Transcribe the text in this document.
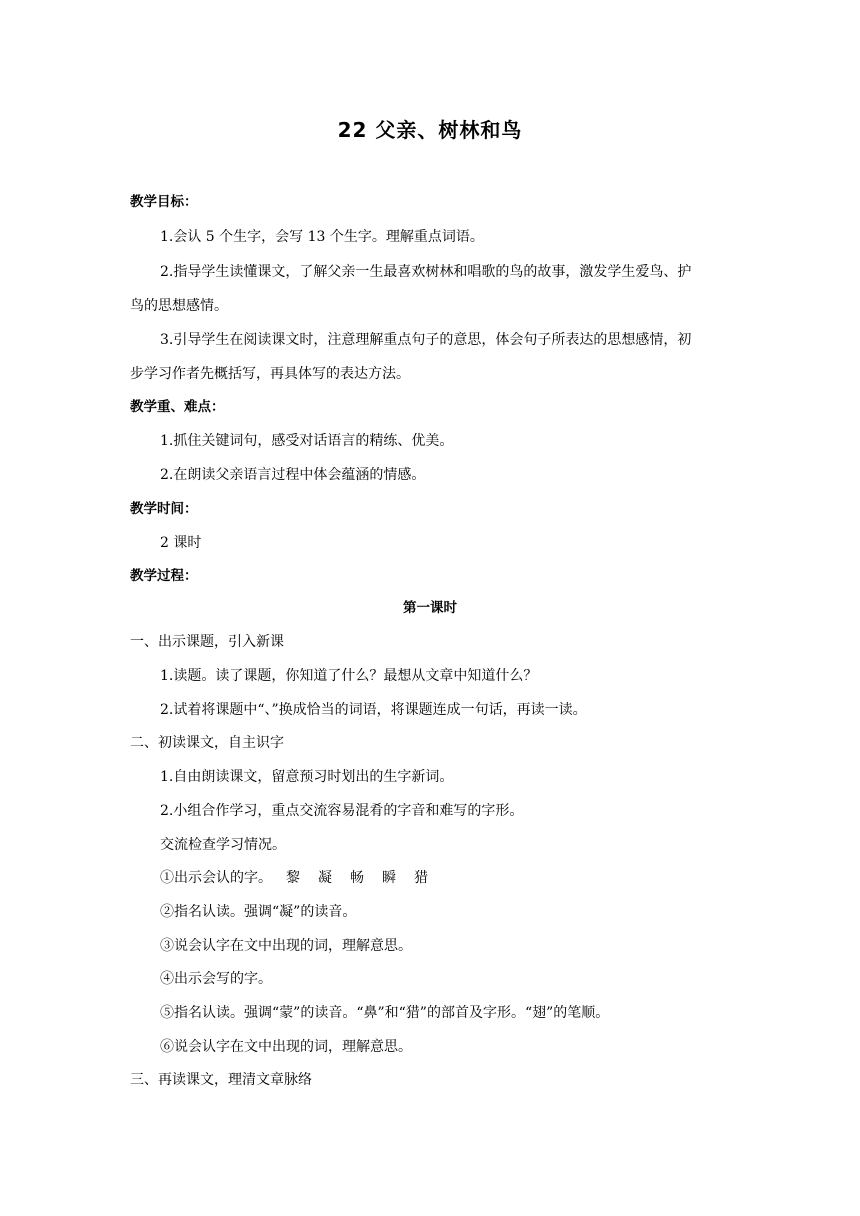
22 父亲、树林和鸟
教学目标：
1.会认 5 个生字，会写 13 个生字。理解重点词语。
2.指导学生读懂课文，了解父亲一生最喜欢树林和唱歌的鸟的故事，激发学生爱鸟、护
鸟的思想感情。
3.引导学生在阅读课文时，注意理解重点句子的意思，体会句子所表达的思想感情，初
步学习作者先概括写，再具体写的表达方法。
教学重、难点：
1.抓住关键词句，感受对话语言的精练、优美。
2.在朗读父亲语言过程中体会蕴涵的情感。
教学时间：
2 课时
教学过程：
第一课时
一、出示课题，引入新课
1.读题。读了课题，你知道了什么？最想从文章中知道什么？
2.试着将课题中“、”换成恰当的词语，将课题连成一句话，再读一读。
二、初读课文，自主识字
1.自由朗读课文，留意预习时划出的生字新词。
2.小组合作学习，重点交流容易混肴的字音和难写的字形。
交流检查学习情况。
①出示会认的字。 黎 凝 畅 瞬 猎
②指名认读。强调“凝”的读音。
③说会认字在文中出现的词，理解意思。
④出示会写的字。
⑤指名认读。强调“蒙”的读音。“鼻”和“猎”的部首及字形。“翅”的笔顺。
⑥说会认字在文中出现的词，理解意思。
三、再读课文，理清文章脉络
